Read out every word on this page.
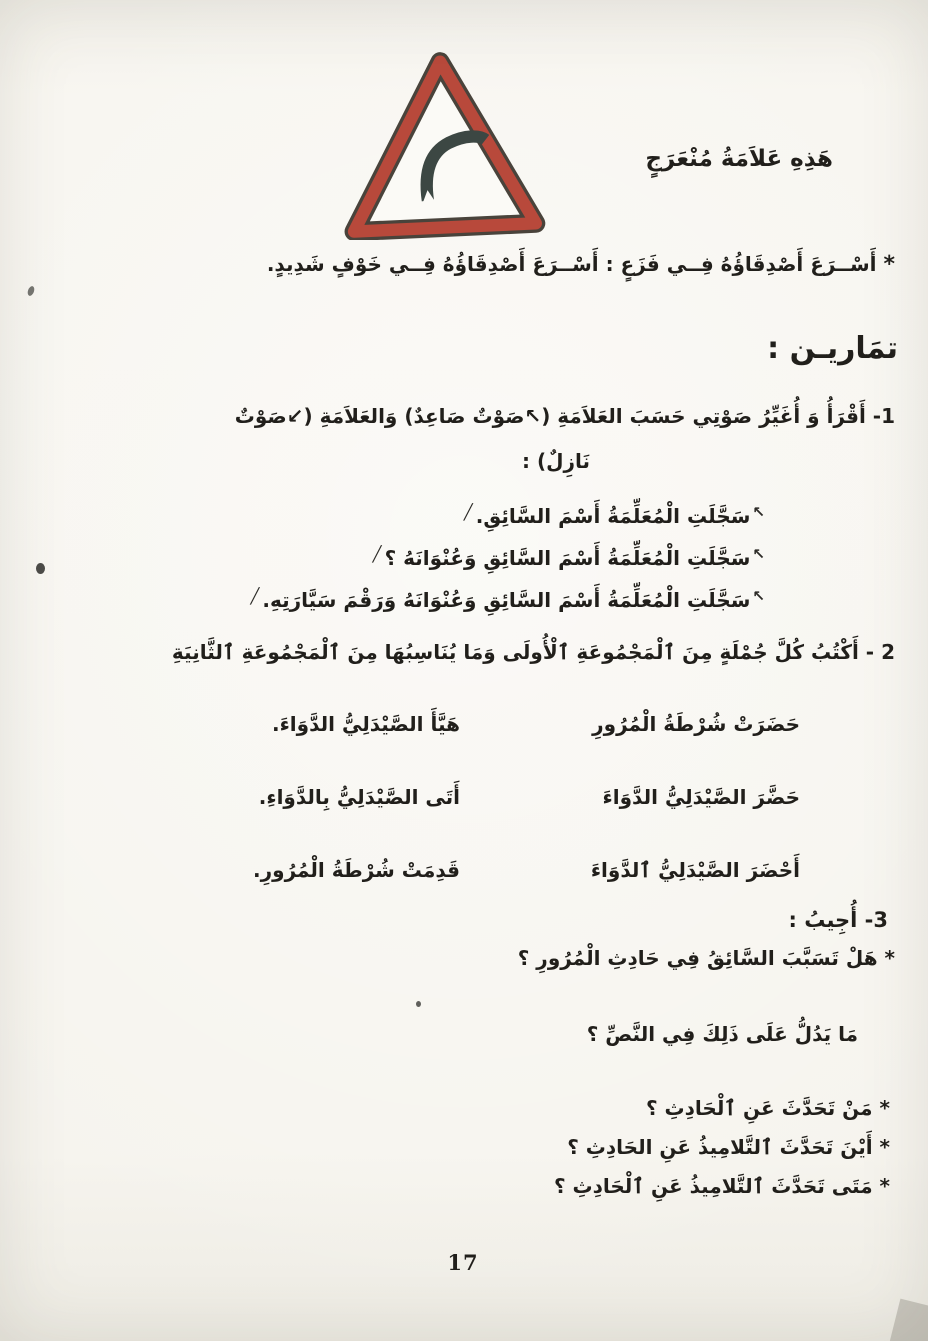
هَذِهِ عَلاَمَةُ مُنْعَرَجٍ
* أَسْــرَعَ أَصْدِقَاؤُهُ فِــي فَزَعٍ : أَسْــرَعَ أَصْدِقَاؤُهُ فِــي خَوْفٍ شَدِيدٍ.
تمَاريـن :
1- أَقْرَأُ وَ أُغَيِّرُ صَوْتِي حَسَبَ العَلاَمَةِ (↖صَوْتٌ صَاعِدٌ) وَالعَلاَمَةِ (↙صَوْتٌ
نَازِلٌ) :
↖سَجَّلَتِ الْمُعَلِّمَةُ أَسْمَ السَّائِقِ.╱
↖سَجَّلَتِ الْمُعَلِّمَةُ أَسْمَ السَّائِقِ وَعُنْوَانَهُ ؟╱
↖سَجَّلَتِ الْمُعَلِّمَةُ أَسْمَ السَّائِقِ وَعُنْوَانَهُ وَرَقْمَ سَيَّارَتِهِ.╱
2 - أَكْتُبُ كُلَّ جُمْلَةٍ مِنَ ٱلْمَجْمُوعَةِ ٱلْأُولَى وَمَا يُنَاسِبُهَا مِنَ ٱلْمَجْمُوعَةِ ٱلثَّانِيَةِ
حَضَرَتْ شُرْطَةُ الْمُرُورِ
حَضَّرَ الصَّيْدَلِيُّ الدَّوَاءَ
أَحْضَرَ الصَّيْدَلِيُّ ٱلدَّوَاءَ
هَيَّأَ الصَّيْدَلِيُّ الدَّوَاءَ.
أَتَى الصَّيْدَلِيُّ بِالدَّوَاءِ.
قَدِمَتْ شُرْطَةُ الْمُرُورِ.
3- أُجِيبُ :
* هَلْ تَسَبَّبَ السَّائِقُ فِي حَادِثِ الْمُرُورِ ؟
مَا يَدُلُّ عَلَى ذَلِكَ فِي النَّصِّ ؟
* مَنْ تَحَدَّثَ عَنِ ٱلْحَادِثِ ؟
* أَيْنَ تَحَدَّثَ ٱلتَّلامِيذُ عَنِ الحَادِثِ ؟
* مَتَى تَحَدَّثَ ٱلتَّلامِيذُ عَنِ ٱلْحَادِثِ ؟
17
